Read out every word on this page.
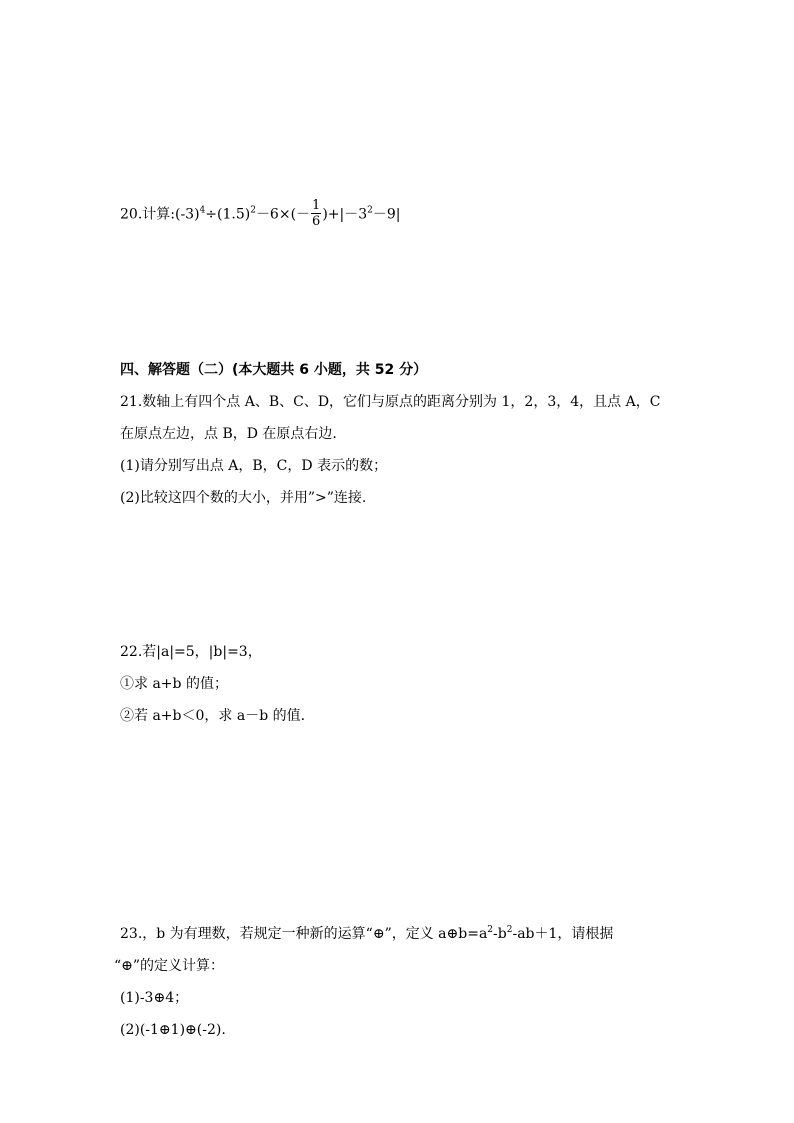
20.计算$:(-3)^4\div(1.5)^2-6\times(- \frac{1}{6} )+|-3^2-9|$
四、解答题（二）(本大题共 6 小题，共 52 分）
21.数轴上有四个点 A、B、C、D，它们与原点的距离分别为 1，2，3，4，且点 A，C
在原点左边，点 B，D 在原点右边.
(1)请分别写出点 A，B，C，D 表示的数；
(2)比较这四个数的大小，并用”>”连接.
22.若|a|=5，|b|=3，
①求 a+b 的值；
②若 a+b＜0，求 a－b 的值.
23.，b 为有理数，若规定一种新的运算“⊕”，定义 $a\oplus b=a^2-b^2-ab+1$，请根据
“⊕”的定义计算：
(1)-3⊕4；
(2)(-1⊕1)⊕(-2).
